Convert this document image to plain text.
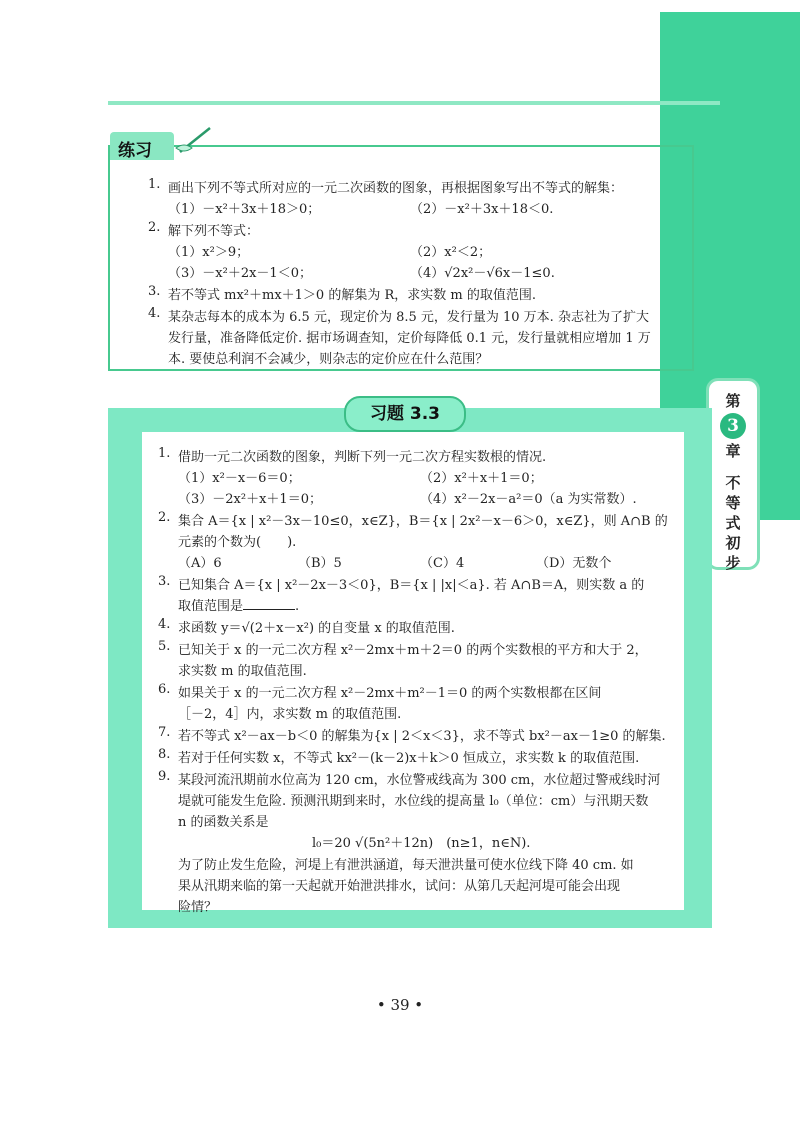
第
3
章
不
等
式
初
步
练习
1. 画出下列不等式所对应的一元二次函数的图象，再根据图象写出不等式的解集：
（1）－x²＋3x＋18＞0；	（2）－x²＋3x＋18＜0.
2. 解下列不等式：
（1）x²＞9；	（2）x²＜2；
（3）－x²＋2x－1＜0；	（4）√2x²－√6x－1≤0.
3. 若不等式 mx²＋mx＋1＞0 的解集为 R，求实数 m 的取值范围.
4. 某杂志每本的成本为 6.5 元，现定价为 8.5 元，发行量为 10 万本. 杂志社为了扩大
发行量，准备降低定价. 据市场调查知，定价每降低 0.1 元，发行量就相应增加 1 万
本. 要使总利润不会减少，则杂志的定价应在什么范围？
习题 3.3
1. 借助一元二次函数的图象，判断下列一元二次方程实数根的情况.
（1）x²－x－6＝0；	（2）x²＋x＋1＝0；
（3）－2x²＋x＋1＝0；	（4）x²－2x－a²＝0（a 为实常数）.
2. 集合 A＝{x | x²－3x－10≤0，x∈Z}，B＝{x | 2x²－x－6＞0，x∈Z}，则 A∩B 的
元素的个数为(　　).
（A）6	（B）5	（C）4	（D）无数个
3. 已知集合 A＝{x | x²－2x－3＜0}，B＝{x | |x|＜a}. 若 A∩B＝A，则实数 a 的
取值范围是	.
4. 求函数 y＝√(2＋x－x²) 的自变量 x 的取值范围.
5. 已知关于 x 的一元二次方程 x²－2mx＋m＋2＝0 的两个实数根的平方和大于 2，
求实数 m 的取值范围.
6. 如果关于 x 的一元二次方程 x²－2mx＋m²－1＝0 的两个实数根都在区间
［－2，4］内，求实数 m 的取值范围.
7. 若不等式 x²－ax－b＜0 的解集为{x | 2＜x＜3}，求不等式 bx²－ax－1≥0 的解集.
8. 若对于任何实数 x，不等式 kx²－(k－2)x＋k＞0 恒成立，求实数 k 的取值范围.
9. 某段河流汛期前水位高为 120 cm，水位警戒线高为 300 cm，水位超过警戒线时河
堤就可能发生危险. 预测汛期到来时，水位线的提高量 l₀（单位：cm）与汛期天数
n 的函数关系是
l₀＝20 √(5n²＋12n)　(n≥1，n∈N).
为了防止发生危险，河堤上有泄洪涵道，每天泄洪量可使水位线下降 40 cm. 如
果从汛期来临的第一天起就开始泄洪排水，试问：从第几天起河堤可能会出现
险情？
• 39 •
